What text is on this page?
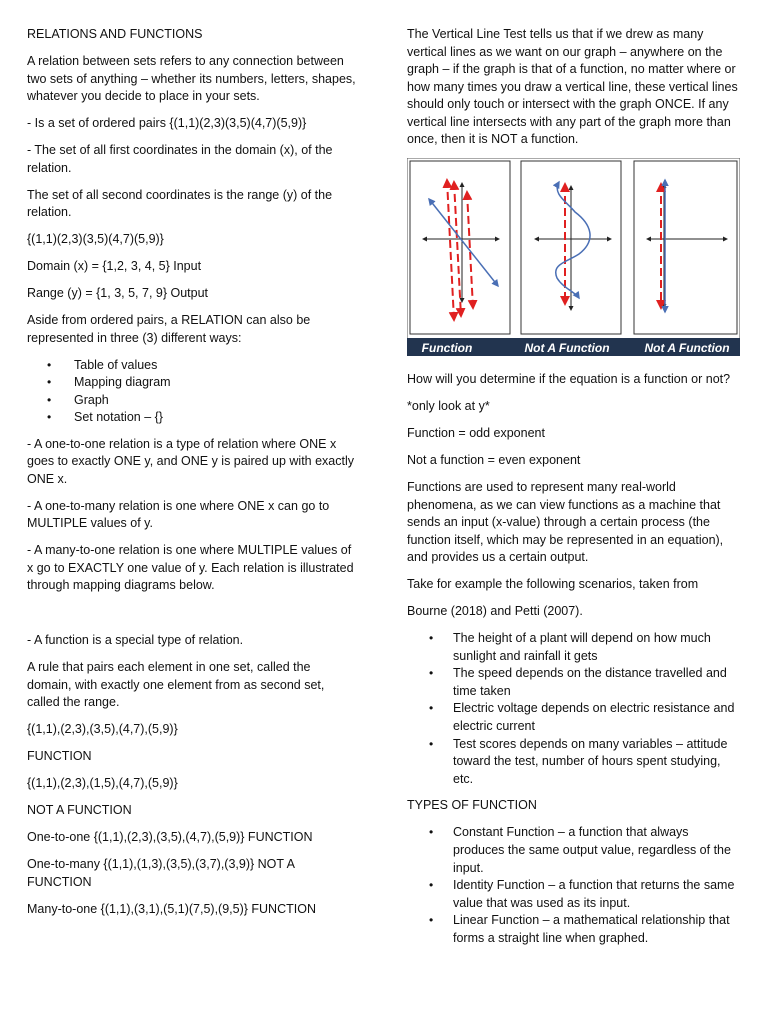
RELATIONS AND FUNCTIONS

A relation between sets refers to any connection between two sets of anything – whether its numbers, letters, shapes, whatever you decide to place in your sets.

- Is a set of ordered pairs {(1,1)(2,3)(3,5)(4,7)(5,9)}

- The set of all first coordinates in the domain (x), of the relation.

The set of all second coordinates is the range (y) of the relation.

{(1,1)(2,3)(3,5)(4,7)(5,9)}

Domain (x) = {1,2, 3, 4, 5} Input

Range (y) = {1, 3, 5, 7, 9} Output

Aside from ordered pairs, a RELATION can also be represented in three (3) different ways:

• Table of values
• Mapping diagram
• Graph
• Set notation – {}

- A one-to-one relation is a type of relation where ONE x goes to exactly ONE y, and ONE y is paired up with exactly ONE x.

- A one-to-many relation is one where ONE x can go to MULTIPLE values of y.

- A many-to-one relation is one where MULTIPLE values of x go to EXACTLY one value of y. Each relation is illustrated through mapping diagrams below.

- A function is a special type of relation.

A rule that pairs each element in one set, called the domain, with exactly one element from as second set, called the range.

{(1,1),(2,3),(3,5),(4,7),(5,9)}

FUNCTION

{(1,1),(2,3),(1,5),(4,7),(5,9)}

NOT A FUNCTION

One-to-one {(1,1),(2,3),(3,5),(4,7),(5,9)} FUNCTION

One-to-many {(1,1),(1,3),(3,5),(3,7),(3,9)} NOT A FUNCTION

Many-to-one {(1,1),(3,1),(5,1)(7,5),(9,5)} FUNCTION

The Vertical Line Test tells us that if we drew as many vertical lines as we want on our graph – anywhere on the graph – if the graph is that of a function, no matter where or how many times you draw a vertical line, these vertical lines should only touch or intersect with the graph ONCE. If any vertical line intersects with any part of the graph more than once, then it is NOT a function.

Function	Not A Function	Not A Function

How will you determine if the equation is a function or not?

*only look at y*

Function = odd exponent

Not a function = even exponent

Functions are used to represent many real-world phenomena, as we can view functions as a machine that sends an input (x-value) through a certain process (the function itself, which may be represented in an equation), and provides us a certain output.

Take for example the following scenarios, taken from

Bourne (2018) and Petti (2007).

• The height of a plant will depend on how much sunlight and rainfall it gets
• The speed depends on the distance travelled and time taken
• Electric voltage depends on electric resistance and electric current
• Test scores depends on many variables – attitude toward the test, number of hours spent studying, etc.

TYPES OF FUNCTION

• Constant Function – a function that always produces the same output value, regardless of the input.
• Identity Function – a function that returns the same value that was used as its input.
• Linear Function – a mathematical relationship that forms a straight line when graphed.
